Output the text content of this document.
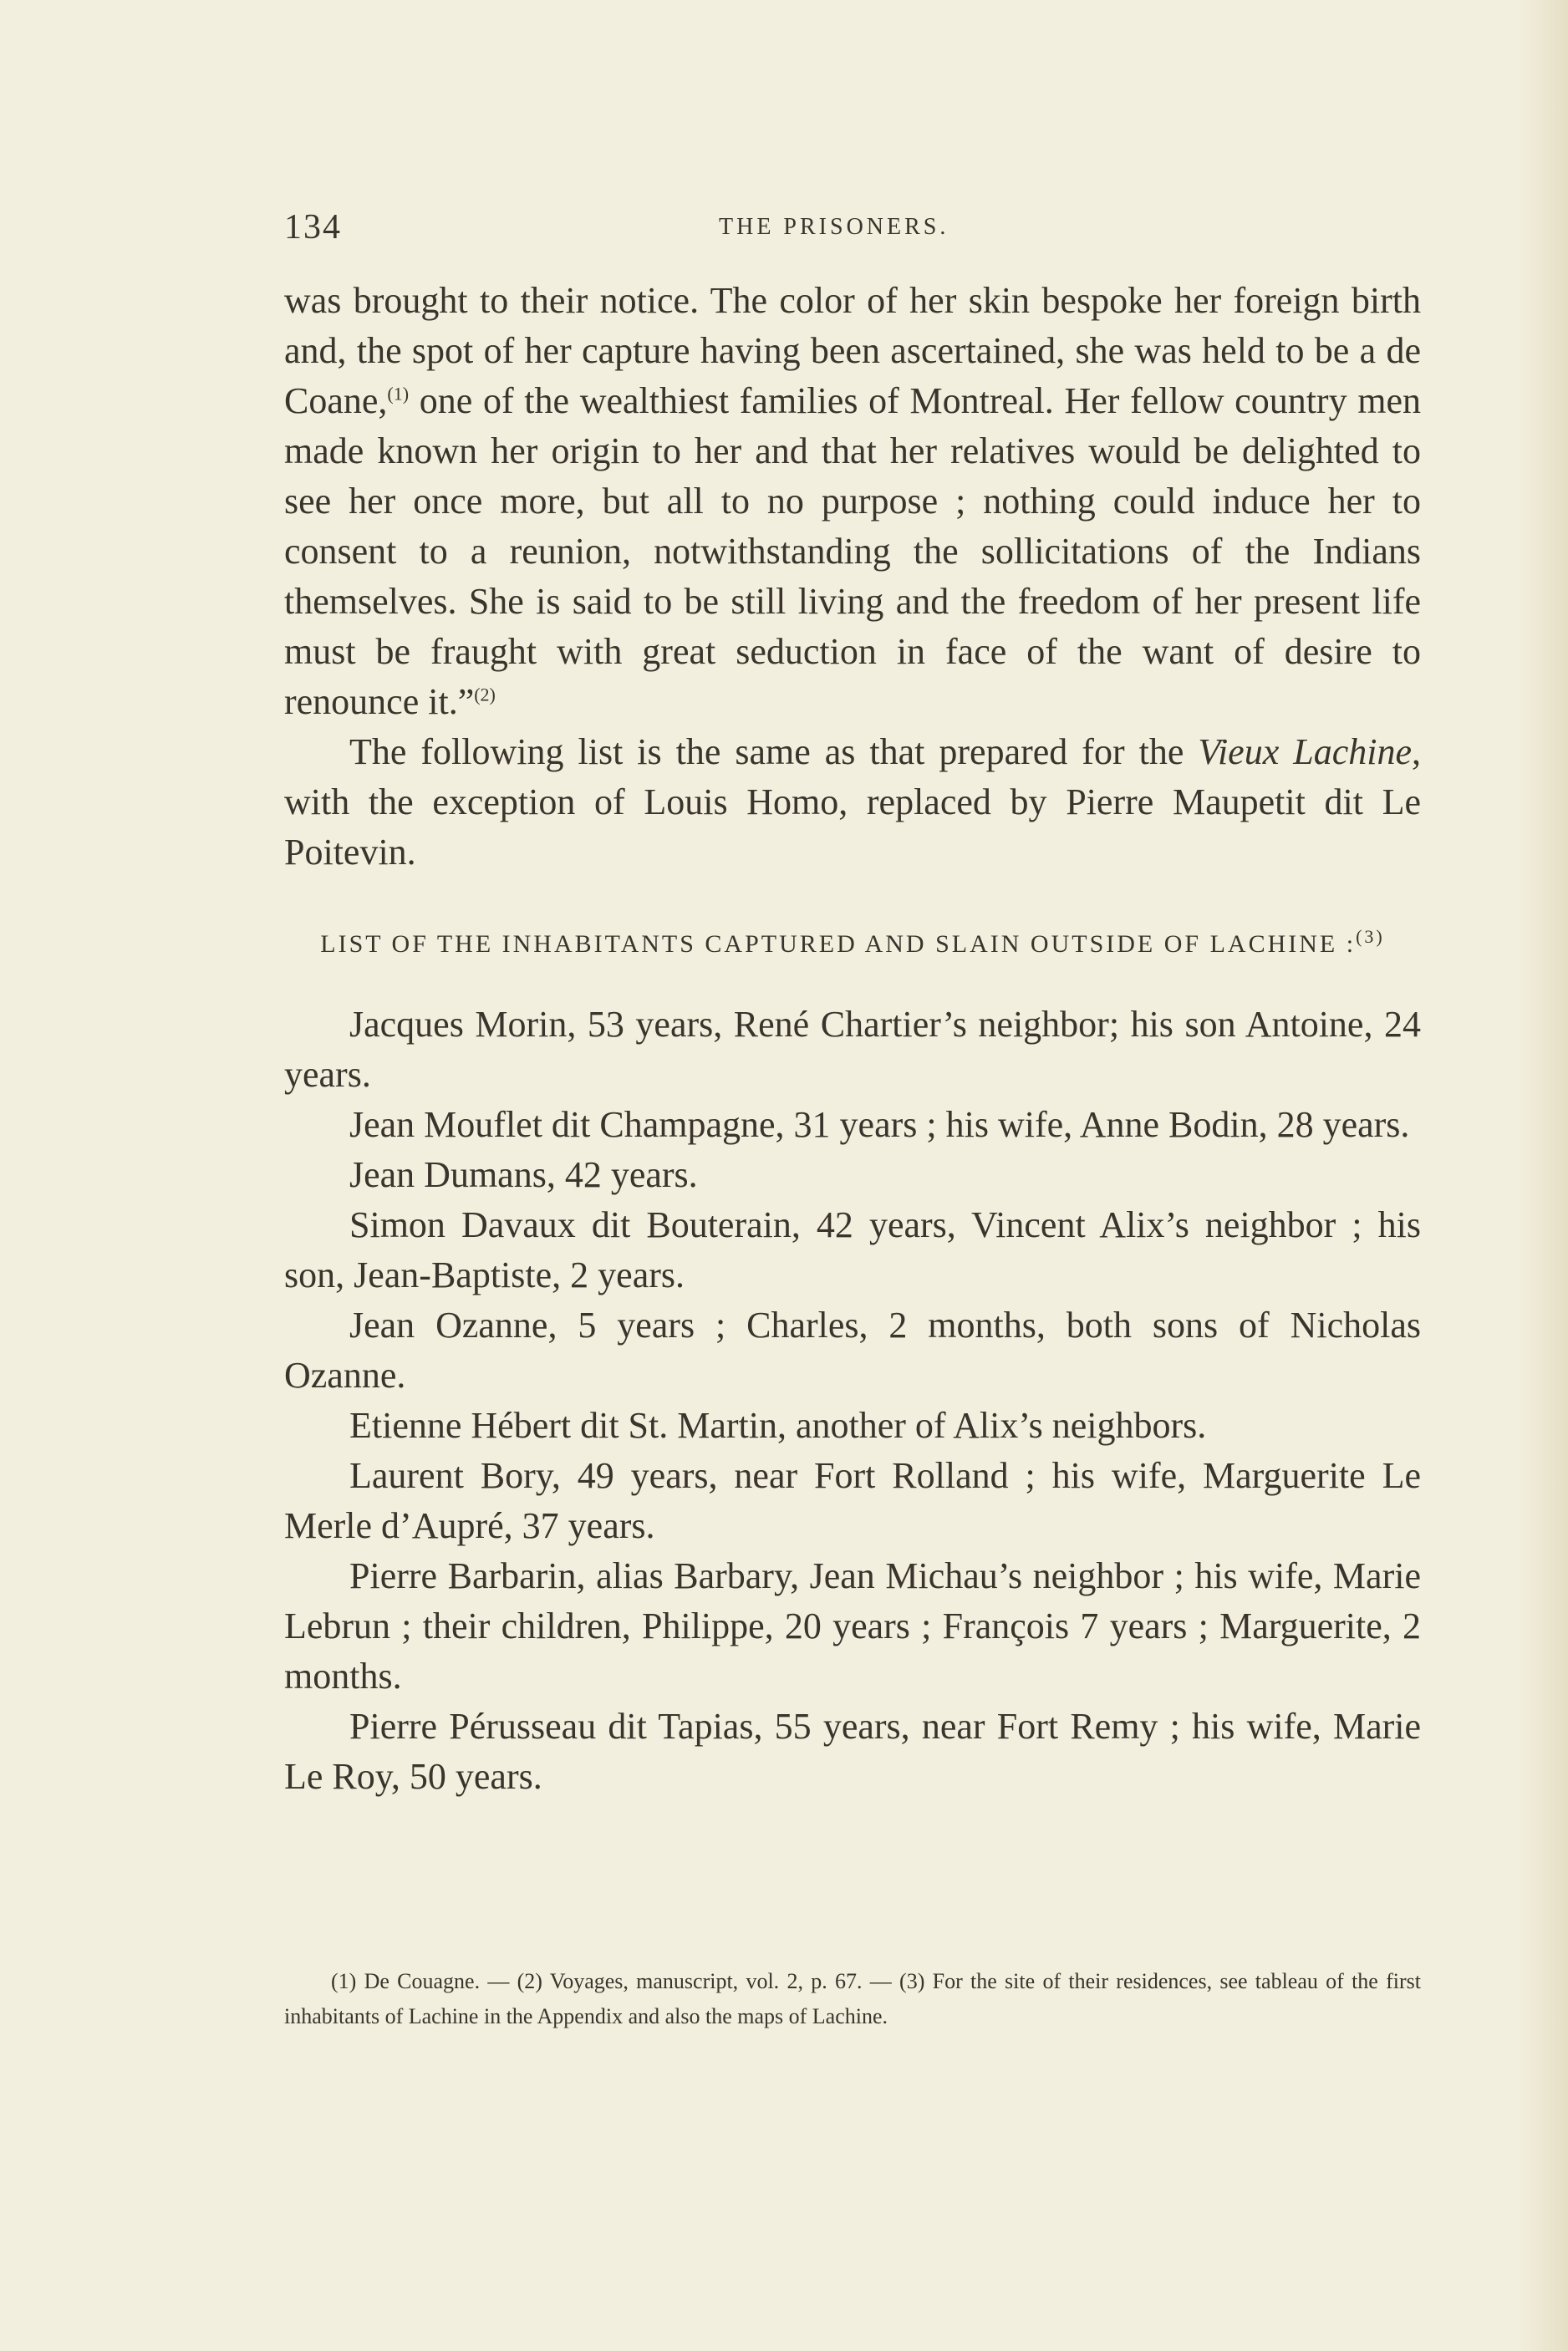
134	THE PRISONERS.

was brought to their notice. The color of her skin bespoke her foreign birth and, the spot of her capture having been ascertained, she was held to be a de Coane,$^{(1)}$ one of the wealthiest families of Montreal. Her fellow country men made known her origin to her and that her relatives would be delighted to see her once more, but all to no purpose ; nothing could induce her to consent to a reunion, notwithstanding the sollicitations of the Indians themselves. She is said to be still living and the freedom of her present life must be fraught with great seduction in face of the want of desire to renounce it.”$^{(2)}$

The following list is the same as that prepared for the Vieux Lachine, with the exception of Louis Homo, replaced by Pierre Maupetit dit Le Poitevin.

LIST OF THE INHABITANTS CAPTURED AND SLAIN OUTSIDE OF LACHINE :$^{(3)}$

Jacques Morin, 53 years, René Chartier’s neighbor; his son Antoine, 24 years.

Jean Mouflet dit Champagne, 31 years ; his wife, Anne Bodin, 28 years.

Jean Dumans, 42 years.

Simon Davaux dit Bouterain, 42 years, Vincent Alix’s neighbor ; his son, Jean-Baptiste, 2 years.

Jean Ozanne, 5 years ; Charles, 2 months, both sons of Nicholas Ozanne.

Etienne Hébert dit St. Martin, another of Alix’s neighbors.

Laurent Bory, 49 years, near Fort Rolland ; his wife, Marguerite Le Merle d’Aupré, 37 years.

Pierre Barbarin, alias Barbary, Jean Michau’s neighbor ; his wife, Marie Lebrun ; their children, Philippe, 20 years ; François 7 years ; Marguerite, 2 months.

Pierre Pérusseau dit Tapias, 55 years, near Fort Remy ; his wife, Marie Le Roy, 50 years.

(1) De Couagne. — (2) Voyages, manuscript, vol. 2, p. 67. — (3) For the site of their residences, see tableau of the first inhabitants of Lachine in the Appendix and also the maps of Lachine.
